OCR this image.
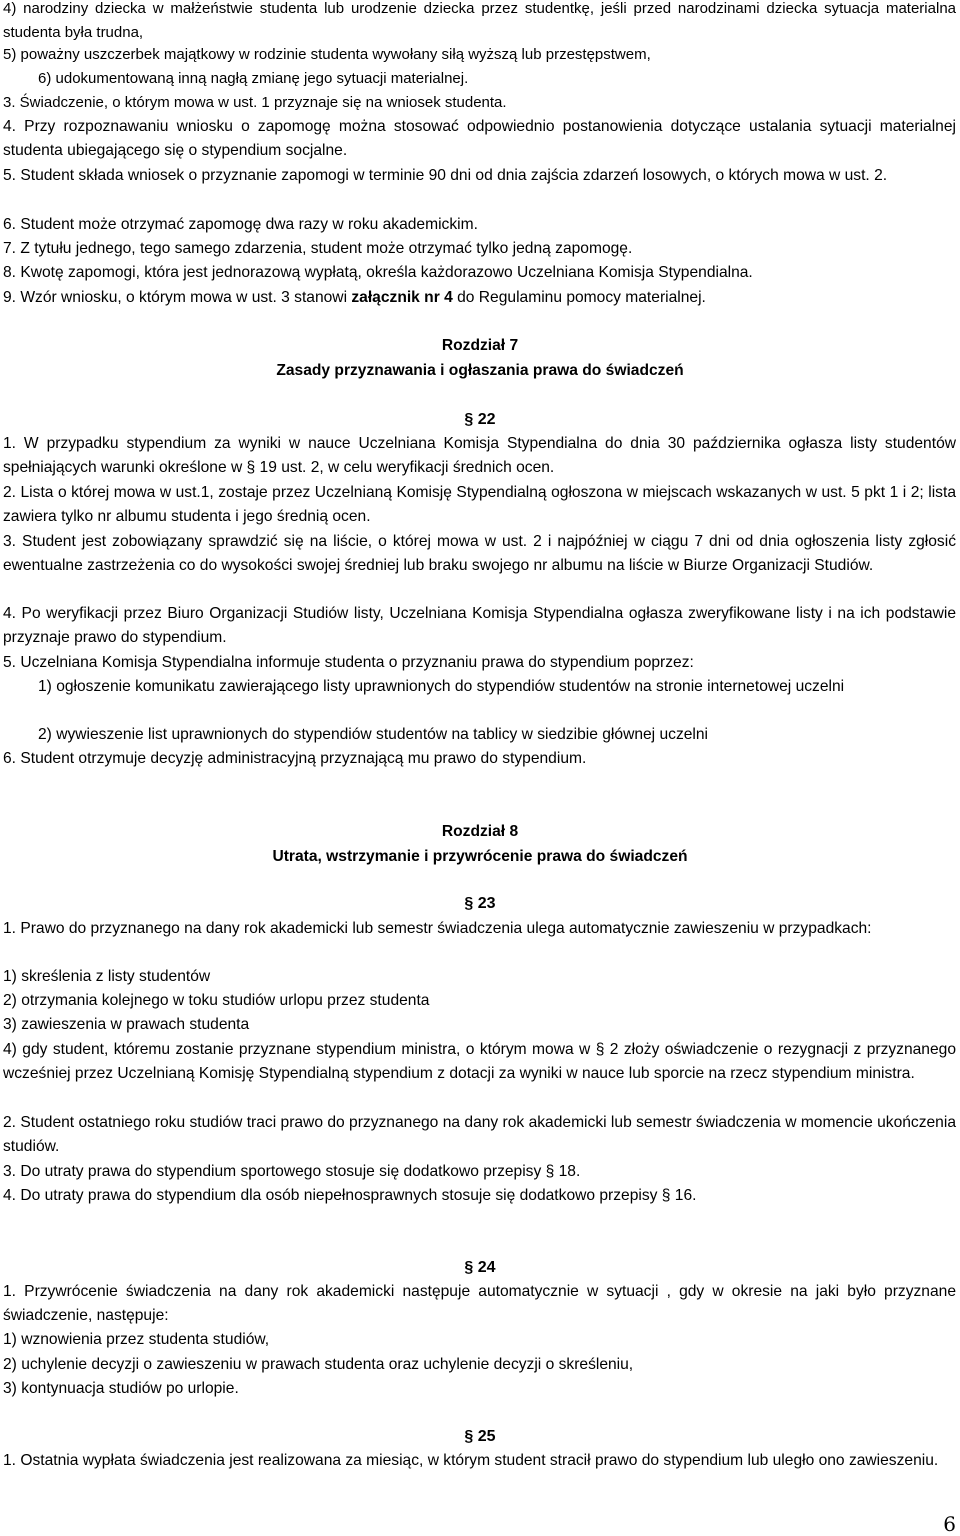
4) narodziny dziecka w małżeństwie studenta lub urodzenie dziecka przez studentkę, jeśli przed narodzinami dziecka sytuacja materialna studenta była trudna,

5) poważny uszczerbek majątkowy w rodzinie studenta wywołany siłą wyższą lub przestępstwem,

6) udokumentowaną inną nagłą zmianę jego sytuacji materialnej.

3. Świadczenie, o którym mowa w ust. 1 przyznaje się na wniosek studenta.

4. Przy rozpoznawaniu wniosku o zapomogę można stosować odpowiednio postanowienia dotyczące ustalania sytuacji materialnej studenta ubiegającego się o stypendium socjalne.

5. Student składa wniosek o przyznanie zapomogi w terminie 90 dni od dnia zajścia zdarzeń losowych, o których mowa w ust. 2.

6. Student może otrzymać zapomogę dwa razy w roku akademickim.

7. Z tytułu jednego, tego samego zdarzenia, student może otrzymać tylko jedną zapomogę.

8. Kwotę zapomogi, która jest jednorazową wypłatą, określa każdorazowo Uczelniana Komisja Stypendialna.

9. Wzór wniosku, o którym mowa w ust. 3 stanowi załącznik nr 4 do Regulaminu pomocy materialnej.

Rozdział 7

Zasady przyznawania i ogłaszania prawa do świadczeń

§ 22

1. W przypadku stypendium za wyniki w nauce Uczelniana Komisja Stypendialna do dnia 30 października ogłasza listy studentów spełniających warunki określone w § 19 ust. 2, w celu weryfikacji średnich ocen.

2. Lista o której mowa w ust.1, zostaje przez Uczelnianą Komisję Stypendialną ogłoszona w miejscach wskazanych w ust. 5 pkt 1 i 2; lista zawiera tylko nr albumu studenta i jego średnią ocen.

3. Student jest zobowiązany sprawdzić się na liście, o której mowa w ust. 2 i najpóźniej w ciągu 7 dni od dnia ogłoszenia listy zgłosić ewentualne zastrzeżenia co do wysokości swojej średniej lub braku swojego nr albumu na liście w Biurze Organizacji Studiów.

4. Po weryfikacji przez Biuro Organizacji Studiów listy, Uczelniana Komisja Stypendialna ogłasza zweryfikowane listy i na ich podstawie przyznaje prawo do stypendium.

5. Uczelniana Komisja Stypendialna informuje studenta o przyznaniu prawa do stypendium poprzez:

1) ogłoszenie komunikatu zawierającego listy uprawnionych do stypendiów studentów na stronie internetowej uczelni

2) wywieszenie list uprawnionych do stypendiów studentów na tablicy w siedzibie głównej uczelni

6. Student otrzymuje decyzję administracyjną przyznającą mu prawo do stypendium.

Rozdział 8

Utrata, wstrzymanie i przywrócenie prawa do świadczeń

§ 23

1. Prawo do przyznanego na dany rok akademicki lub semestr świadczenia ulega automatycznie zawieszeniu w przypadkach:

1) skreślenia z listy studentów

2) otrzymania kolejnego w toku studiów urlopu przez studenta

3) zawieszenia w prawach studenta

4) gdy student, któremu zostanie przyznane stypendium ministra, o którym mowa w § 2 złoży oświadczenie o rezygnacji z przyznanego wcześniej przez Uczelnianą Komisję Stypendialną stypendium z dotacji za wyniki w nauce lub sporcie na rzecz stypendium ministra.

2. Student ostatniego roku studiów traci prawo do przyznanego na dany rok akademicki lub semestr świadczenia w momencie ukończenia studiów.

3. Do utraty prawa do stypendium sportowego stosuje się dodatkowo przepisy § 18.

4. Do utraty prawa do stypendium dla osób niepełnosprawnych stosuje się dodatkowo przepisy § 16.

§ 24

1. Przywrócenie świadczenia na dany rok akademicki następuje automatycznie w sytuacji , gdy w okresie na jaki było przyznane świadczenie, następuje:

1) wznowienia przez studenta studiów,

2) uchylenie decyzji o zawieszeniu w prawach studenta oraz uchylenie decyzji o skreśleniu,

3) kontynuacja studiów po urlopie.

§ 25

1. Ostatnia wypłata świadczenia jest realizowana za miesiąc, w którym student stracił prawo do stypendium lub uległo ono zawieszeniu.

6
